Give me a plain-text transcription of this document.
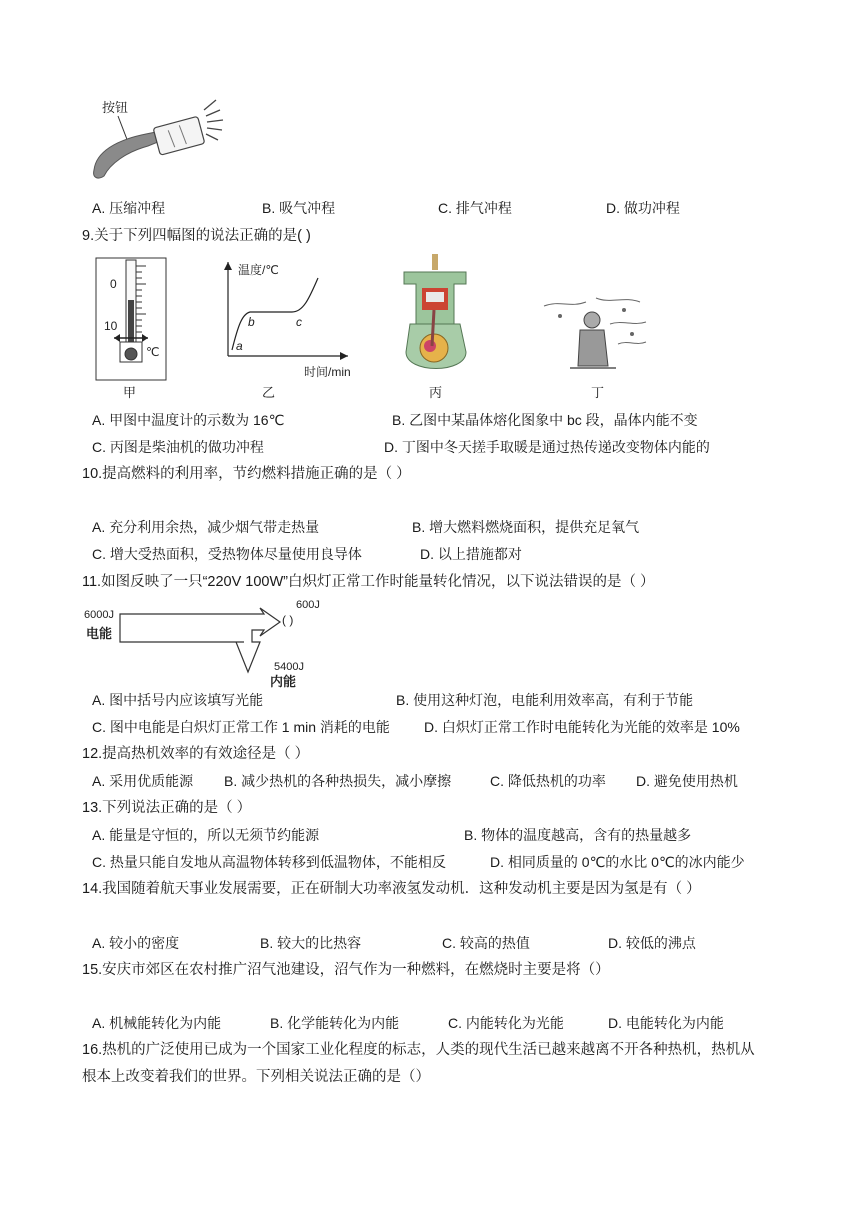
按钮
A. 压缩冲程	B. 吸气冲程	C. 排气冲程	D. 做功冲程
9.关于下列四幅图的说法正确的是( )
0
10
℃
甲
温度/℃
时间/min
a
b	c
乙	丙	丁
A. 甲图中温度计的示数为 16℃	B. 乙图中某晶体熔化图象中 bc 段，晶体内能不变
C. 丙图是柴油机的做功冲程	D. 丁图中冬天搓手取暖是通过热传递改变物体内能的
10.提高燃料的利用率，节约燃料措施正确的是（ ）
A. 充分利用余热，减少烟气带走热量	B. 增大燃料燃烧面积，提供充足氧气
C. 增大受热面积，受热物体尽量使用良导体	D. 以上措施都对
11.如图反映了一只“220V 100W”白炽灯正常工作时能量转化情况，以下说法错误的是（ ）
6000J
电能
600J
( )
5400J
内能
A. 图中括号内应该填写光能	B. 使用这种灯泡，电能利用效率高，有利于节能
C. 图中电能是白炽灯正常工作 1 min 消耗的电能 D. 白炽灯正常工作时电能转化为光能的效率是 10%
12.提高热机效率的有效途径是（ ）
A. 采用优质能源 B. 减少热机的各种热损失，减小摩擦	C. 降低热机的功率 D. 避免使用热机
13.下列说法正确的是（ ）
A. 能量是守恒的，所以无须节约能源	B. 物体的温度越高，含有的热量越多
C. 热量只能自发地从高温物体转移到低温物体，不能相反	D. 相同质量的 0℃的水比 0℃的冰内能少
14.我国随着航天事业发展需要，正在研制大功率液氢发动机．这种发动机主要是因为氢是有（ ）
A. 较小的密度	B. 较大的比热容	C. 较高的热值	D. 较低的沸点
15.安庆市郊区在农村推广沼气池建设，沼气作为一种燃料，在燃烧时主要是将（）
A. 机械能转化为内能	B. 化学能转化为内能	C. 内能转化为光能	D. 电能转化为内能
16.热机的广泛使用已成为一个国家工业化程度的标志，人类的现代生活已越来越离不开各种热机，热机从
根本上改变着我们的世界。下列相关说法正确的是（）
